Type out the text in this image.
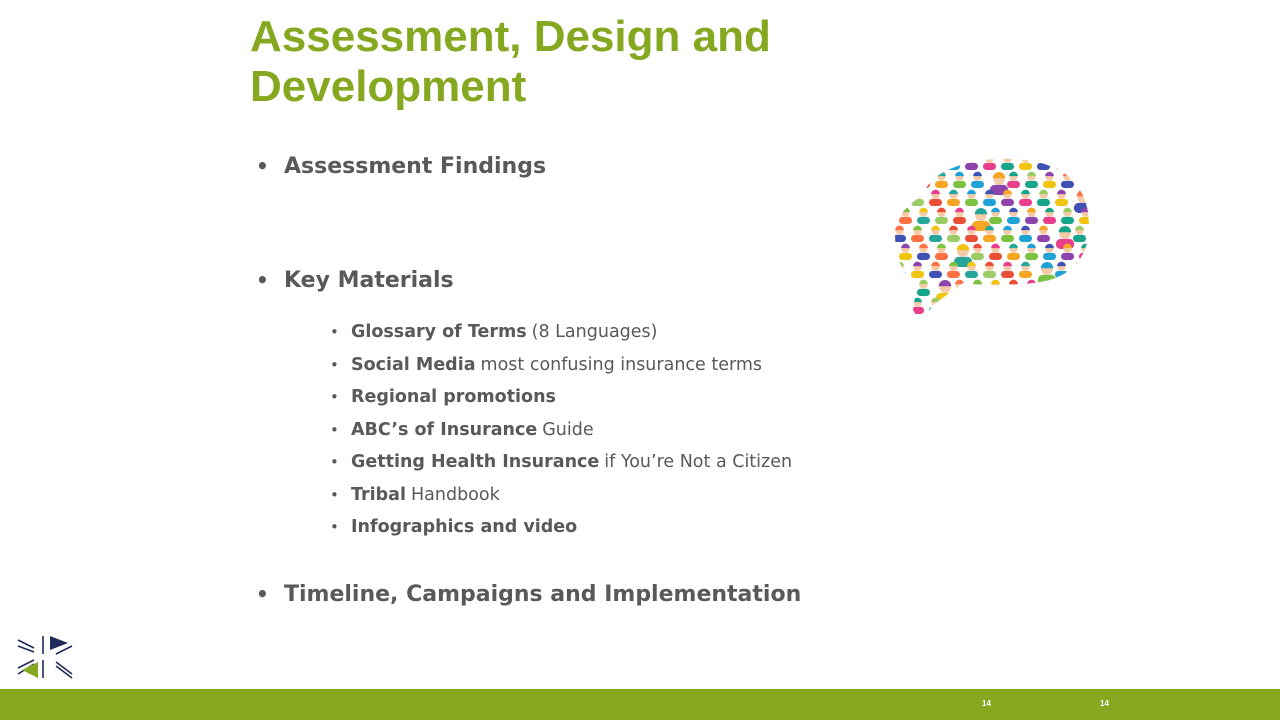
Assessment, Design and
Development
• Assessment Findings
• Key Materials
• Glossary of Terms (8 Languages)
• Social Media most confusing insurance terms
• Regional promotions
• ABC’s of Insurance Guide
• Getting Health Insurance if You’re Not a Citizen
• Tribal Handbook
• Infographics and video
• Timeline, Campaigns and Implementation
14	14
